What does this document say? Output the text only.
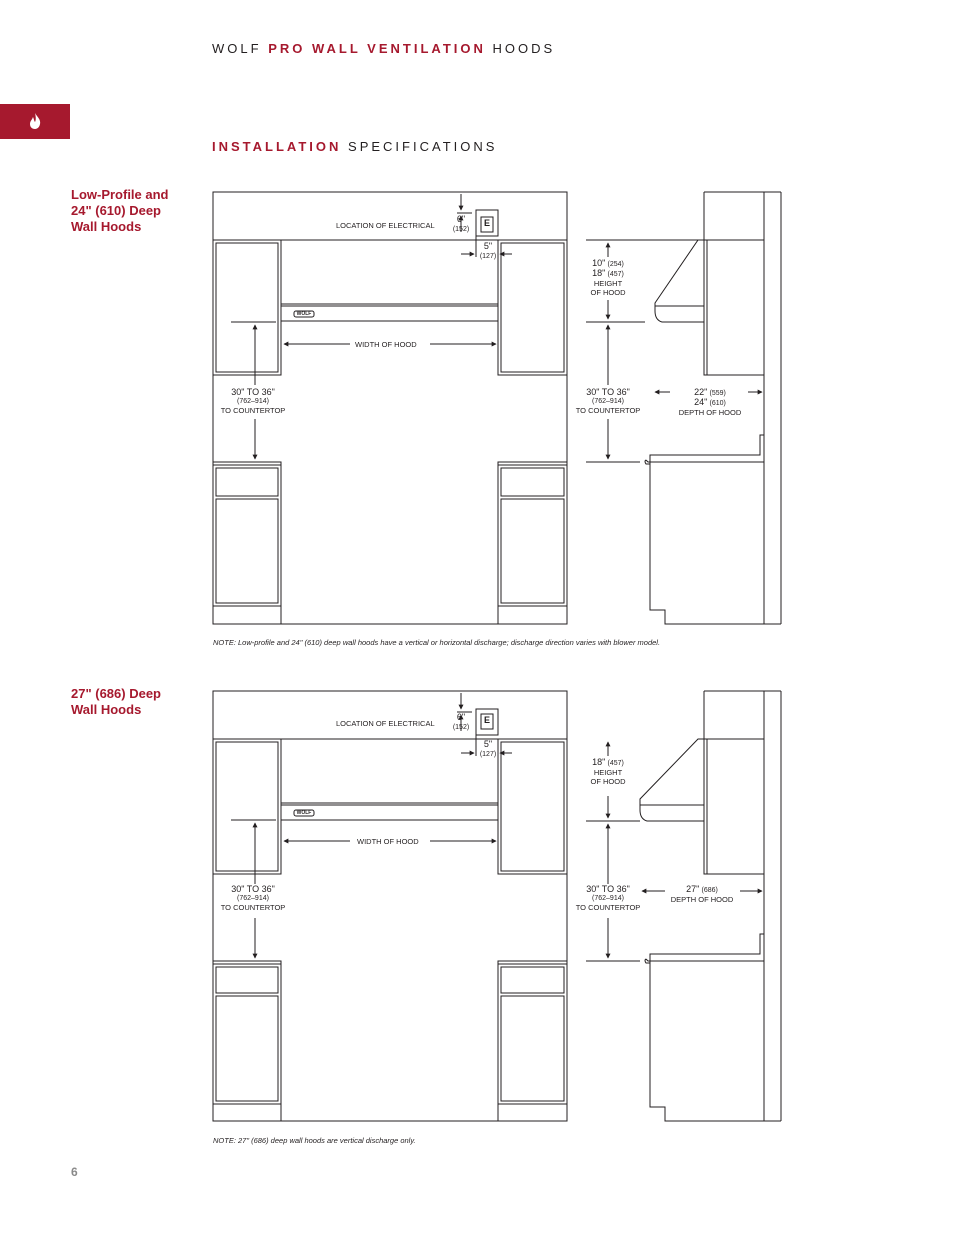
WOLF PRO WALL VENTILATION HOODS
INSTALLATION SPECIFICATIONS
Low-Profile and
24" (610) Deep
Wall Hoods	LOCATION OF ELECTRICAL
6"
(152)
E
5"
(127)
WOLF
WIDTH OF HOOD
30" TO 36"
(762–914)
TO COUNTERTOP
10" (254)
18" (457)
HEIGHT
OF HOOD
30" TO 36"
(762–914)
TO COUNTERTOP
22" (559)
24" (610)
DEPTH OF HOOD
NOTE: Low-profile and 24" (610) deep wall hoods have a vertical or horizontal discharge; discharge direction varies with blower model.
27" (686) Deep
Wall Hoods
LOCATION OF ELECTRICAL
6"
(152)
E
5"
(127)
WOLF
WIDTH OF HOOD
30" TO 36"
(762–914)
TO COUNTERTOP
18" (457)
HEIGHT
OF HOOD
30" TO 36"
(762–914)
TO COUNTERTOP
27" (686)
DEPTH OF HOOD
NOTE: 27" (686) deep wall hoods are vertical discharge only.
6
